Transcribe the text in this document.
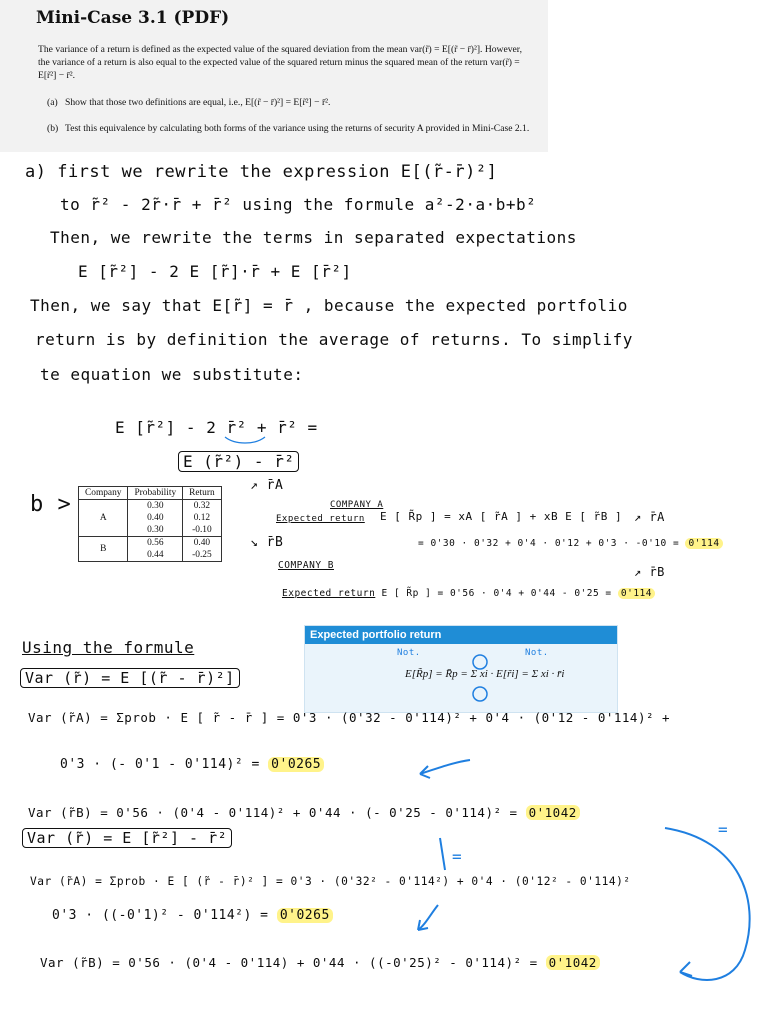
Mini-Case 3.1 (PDF)
The variance of a return is defined as the expected value of the squared deviation from the mean var(r̃) = E[(r̃ − r̄)²]. However, the variance of a return is also equal to the expected value of the squared return minus the squared mean of the return var(r̃) = E[r̃²] − r̄².
(a) Show that those two definitions are equal, i.e., E[(r̃ − r̄)²] = E[r̃²] − r̄².
(b) Test this equivalence by calculating both forms of the variance using the returns of security A provided in Mini-Case 2.1.
a) first we rewrite the expression E[(r̃-r̄)²]
to r̃² - 2r̃·r̄ + r̄² using the formule a²-2·a·b+b²
Then, we rewrite the terms in separated expectations
E [r̃²] - 2 E [r̃]·r̄ + E [r̄²]
Then, we say that E[r̃] = r̄ , because the expected portfolio
return is by definition the average of returns. To simplify
te equation we substitute:
E [r̃²] - 2 r̄² + r̄² =
E (r̃²) - r̄²
b > Company	Probability	Return
A	0.30	0.32
	0.40	0.12
	0.30	-0.10
B	0.56	0.40
	0.44	-0.25
↗ r̄A
↘ r̄B
COMPANY A
Expected return E [ R̃p ] = xA [ r̃A ] + xB E [ r̃B ] ↗ r̄A
= 0'30 · 0'32 + 0'4 · 0'12 + 0'3 · -0'10 = 0'114
COMPANY B	↗ r̄B
Expected return E [ R̃p ] = 0'56 · 0'4 + 0'44 - 0'25 = 0'114
Expected portfolio return
Not.	Not.
E[R̃p] = R̄p = Σ xi · E[r̃i] = Σ xi · r̄i
Using the formule
Var (r̃) = E [(r̃ - r̄)²]
Var (r̃A) = Σprob · E [ r̃ - r̄ ] = 0'3 · (0'32 - 0'114)² + 0'4 · (0'12 - 0'114)² +
0'3 · (- 0'1 - 0'114)² = 0'0265
Var (r̃B) = 0'56 · (0'4 - 0'114)² + 0'44 · (- 0'25 - 0'114)² = 0'1042
Var (r̃) = E [r̃²] - r̄²
Var (r̃A) = Σprob · E [ (r̃ - r̄)² ] = 0'3 · (0'32² - 0'114²) + 0'4 · (0'12² - 0'114)²
0'3 · ((-0'1)² - 0'114²) = 0'0265
Var (r̃B) = 0'56 · (0'4 - 0'114) + 0'44 · ((-0'25)² - 0'114)² = 0'1042
=
=
